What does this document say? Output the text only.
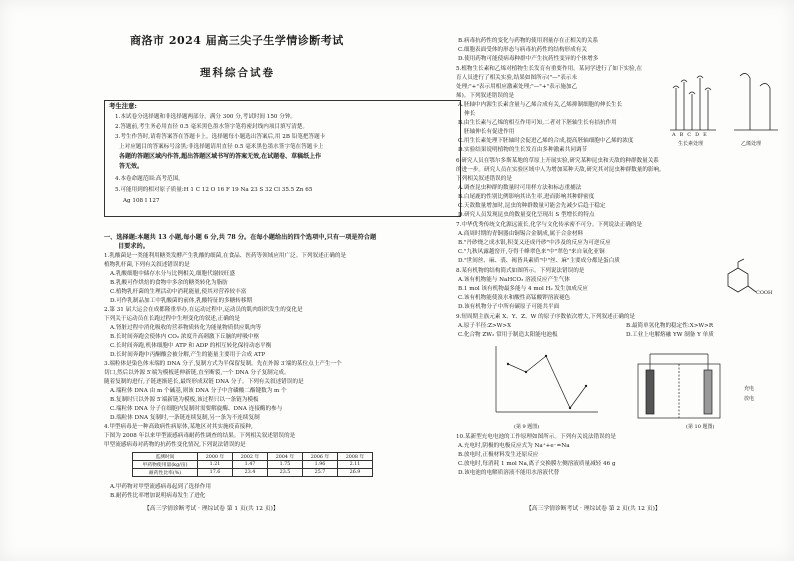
商洛市 2024 届高三尖子生学情诊断考试
理科综合试卷
考生注意:
1.本试卷分选择题和非选择题两部分。满分 300 分,考试时间 150 分钟。
2.答题前,考生务必用直径 0.5 毫米黑色墨水签字笔将密封线内项目填写清楚。
3.考生作答时,请将答案答在答题卡上。选择题每小题选出答案后,用 2B 铅笔把答题卡
上对应题目的答案标号涂黑;非选择题请用直径 0.5 毫米黑色墨水签字笔在答题卡上
各题的答题区域内作答,超出答题区域书写的答案无效,在试题卷、草稿纸上作
答无效。
4.本卷命题范围:高考范围。
5.可能用到的相对原子质量:H 1 C 12 O 16 F 19 Na 23 S 32 Cl 35.5 Zn 65
Ag 108 I 127
一、选择题:本题共 13 小题,每小题 6 分,共 78 分。在每小题给出的四个选项中,只有一项是符合题
目要求的。
1.乳酸菌是一类能利用糖类发酵产生乳酸的细菌,在食品、医药等领域应用广泛。下列叙述正确的是
植物乳杆菌,下列有关叙述错误的是
A.乳酸细胞中储存水分与比例相关,细胞代谢较旺盛
B.乳酸可作烘焙的食物中多余的糖类转化为脂肪
C.植物乳杆菌的生理活动中消耗能量,使其对营养较丰富
D.可作乳制品加工中乳酸菌的前体,乳酸特征的多糖转移期
2.第 31 届大运会在成都隆重举办,在运动过程中,运动员的肌肉组织发生的变化是
下列关于运动员在长跑过程中生理变化的叙述,正确的是
A.肾脏过程中消化吸收的营养物质转化为能量物质供应肌肉等
B.长时间奔跑会使体内 CO₂ 浓度升高刺激下丘脑的呼吸中枢
C.长时间奔跑,机体细胞中 ATP 和 ADP 的相互转化保持动态平衡
D.长时间奔跑中丙酮酸会被分解,产生的能量主要用于合成 ATP
3.端粒体是染色体末端的 DNA 分子,复制方式为半保留复制。先在外源 3′端的某位点上产生一个
切口,然后以外源 5′端为模板延伸新链,直至断裂,一个 DNA 分子复制完成。
随着复制的进行,子链逐渐延长,最终形成双链 DNA 分子。下列有关叙述错误的是
A.端粒体 DNA 由 m 个碱基,则该 DNA 分子中含磷酸二酯键数为 m 个
B.复制时只以外源 5′端新链为模板,该过程只以一条链为模板
C.端粒体 DNA 分子在细胞内复制时需要解旋酶、DNA 连接酶的参与
D.端粒体 DNA 复制时,一条链连续复制,另一条为不连续复制
4.甲型病毒是一种高致病性病原体,某地区对其实施疫苗接种,
下图为 2008 年以来甲型流感病毒耐药性调查的结果。下列相关叙述错误的是
甲型流感病毒对药物的抗药性变化情况,下列说法错误的是
监测时间	2000 年	2002 年	2004 年	2006 年	2008 年
甲药物使用量(kg/亩)	1.21	1.47	1.75	1.96	2.11
耐药性比率(%)	17.6	23.4	23.5	25.7	26.9
A.甲药物对甲型流感病毒起到了选择作用
B.耐药性比率增加说明病毒发生了进化
【高三学情诊断考试 · 理综试卷 第 1 页(共 12 页)】
B.病毒抗药性的变化与药物的使用剂量存在正相关的关系
C.细胞表面受体的形态与病毒抗药性的结构形成有关
D.使用药物可能使病毒种群中产生抗药性变异的个体增多
5.植物生长素和乙烯对植物生长发育有重要作用。某同学进行了如下实验,在
育人员进行了相关实验,结果如图所示("—"表示未
处理;"+"表示用相应激素处理;"—"+"表示施加乙
烯)。下列叙述错误的是
A.胚轴中内源生长素含量与乙烯合成有关,乙烯抑制细胞的伸长生长
伸长
B.由生长素与乙烯的相互作用可知,二者对下胚轴生长有拮抗作用
胚轴伸长有促进作用
C.用生长素处理下胚轴时会促进乙烯的合成,提高胚轴细胞中乙烯的浓度
D.实验结果说明植物的生长发育由多种激素共同调节
A B C D E
生长素处理	乙烯处理
6.研究人员在鄂尔多斯某地的草原上开展实验,研究某种昆虫和天敌的种群数量关系
的进一步。研究人员在实验区域中人为增加某种天敌,研究其对昆虫种群数量的影响。
下列相关叙述错误的是
A.调查昆虫种群的数量时可用样方法和标志重捕法
B.白尾鹿的性别比例影响其出生率,进而影响其种群密度
C.天敌数量增加时,昆虫的种群数量可能会先减少后趋于稳定
D.研究人员发现昆虫的数量变化呈现出 S 型增长的特点
7.中华优秀传统文化源远流长,化学与文化传承密不可分。下列说法正确的是
A.商周时期的青铜器由铜锡合金制成,属于合金材料
B."丹砂烧之成水银,积变又还成丹砂"中涉及的反应为可逆反应
C."九秋风露越窑开,夺得千峰翠色来"中"翠色"来自氧化亚铜
D."世间丝、麻、裘、褐皆具素质"中"丝、麻"主要成分都是蛋白质
8.某有机物的结构简式如图所示。下列说法错误的是
A.该有机物能与 NaHCO₃ 溶液反应产生气体
B.1 mol 该有机物最多能与 4 mol H₂ 发生加成反应
C.该有机物能使溴水和酸性高锰酸钾溶液褪色
D.该有机物分子中所有碳原子可能共平面
COOH
9.短周期主族元素 X、Y、Z、W 的原子序数依次增大,下列叙述正确的是
A.原子半径:Z>W>X	B.最简单氢化物的稳定性:X>W>R
C.化合物 ZW₂ 常用于制造太阳能电池板	D.工业上电解熔融 YW 制备 Y 单质
(第 9 题图)
充电
放电
(第 10 题图)
10.某新型充电电池的工作原理如图所示。下列有关说法错误的是
A.充电时,阴极的电极反应式为 Na⁺+e⁻=Na
B.放电时,正极材料发生还原反应
C.放电时,每消耗 1 mol Na,离子交换膜左侧溶液质量减轻 46 g
D.该电池的电解质溶液不能用水溶液代替
【高三学情诊断考试 · 理综试卷 第 2 页(共 12 页)】
